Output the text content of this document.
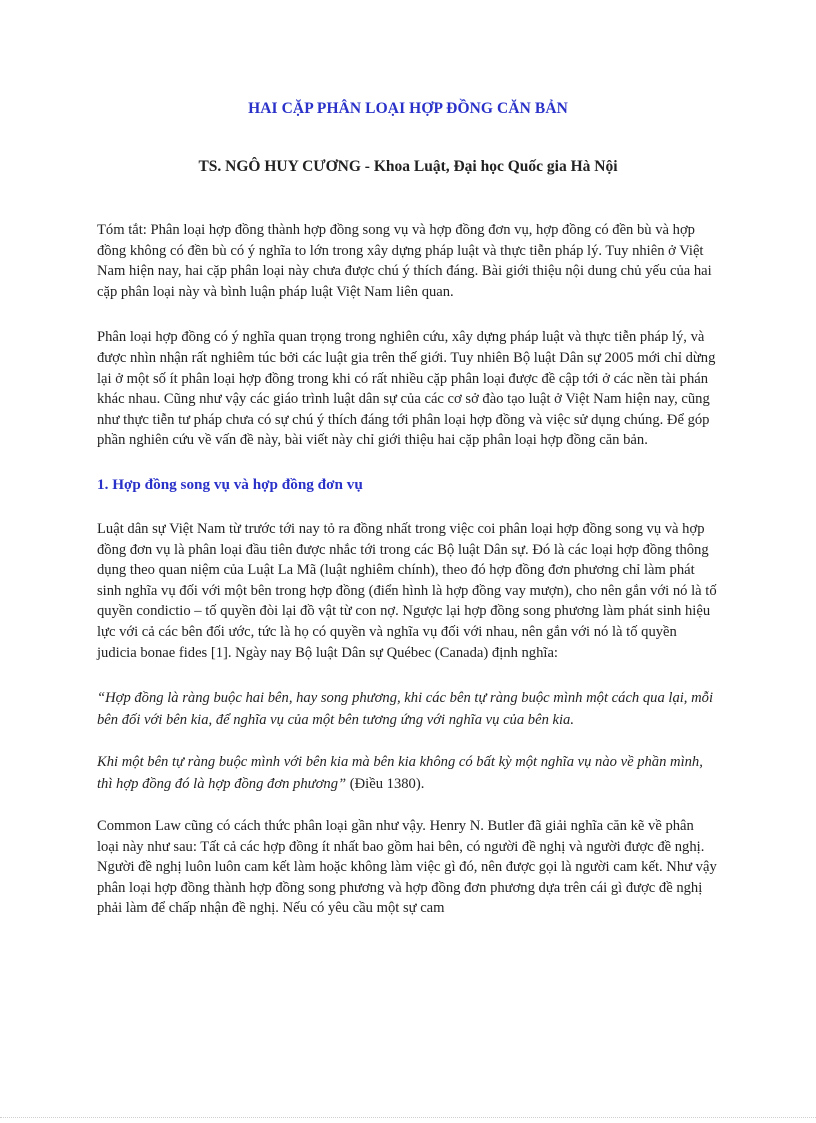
HAI CẶP PHÂN LOẠI HỢP ĐỒNG CĂN BẢN
TS. NGÔ HUY CƯƠNG - Khoa Luật, Đại học Quốc gia Hà Nội

Tóm tắt: Phân loại hợp đồng thành hợp đồng song vụ và hợp đồng đơn vụ, hợp đồng có đền bù và hợp đồng không có đền bù có ý nghĩa to lớn trong xây dựng pháp luật và thực tiễn pháp lý. Tuy nhiên ở Việt Nam hiện nay, hai cặp phân loại này chưa được chú ý thích đáng. Bài giới thiệu nội dung chủ yếu của hai cặp phân loại này và bình luận pháp luật Việt Nam liên quan.

Phân loại hợp đồng có ý nghĩa quan trọng trong nghiên cứu, xây dựng pháp luật và thực tiễn pháp lý, và được nhìn nhận rất nghiêm túc bởi các luật gia trên thế giới. Tuy nhiên Bộ luật Dân sự 2005 mới chỉ dừng lại ở một số ít phân loại hợp đồng trong khi có rất nhiều cặp phân loại được đề cập tới ở các nền tài phán khác nhau. Cũng như vậy các giáo trình luật dân sự của các cơ sở đào tạo luật ở Việt Nam hiện nay, cũng như thực tiễn tư pháp chưa có sự chú ý thích đáng tới phân loại hợp đồng và việc sử dụng chúng. Để góp phần nghiên cứu về vấn đề này, bài viết này chỉ giới thiệu hai cặp phân loại hợp đồng căn bản.

1. Hợp đồng song vụ và hợp đồng đơn vụ

Luật dân sự Việt Nam từ trước tới nay tỏ ra đồng nhất trong việc coi phân loại hợp đồng song vụ và hợp đồng đơn vụ là phân loại đầu tiên được nhắc tới trong các Bộ luật Dân sự. Đó là các loại hợp đồng thông dụng theo quan niệm của Luật La Mã (luật nghiêm chính), theo đó hợp đồng đơn phương chỉ làm phát sinh nghĩa vụ đối với một bên trong hợp đồng (điển hình là hợp đồng vay mượn), cho nên gắn với nó là tố quyền condictio – tố quyền đòi lại đồ vật từ con nợ. Ngược lại hợp đồng song phương làm phát sinh hiệu lực với cả các bên đối ước, tức là họ có quyền và nghĩa vụ đối với nhau, nên gắn với nó là tố quyền judicia bonae fides [1]. Ngày nay Bộ luật Dân sự Québec (Canada) định nghĩa:

“Hợp đồng là ràng buộc hai bên, hay song phương, khi các bên tự ràng buộc mình một cách qua lại, mỗi bên đối với bên kia, để nghĩa vụ của một bên tương ứng với nghĩa vụ của bên kia.

Khi một bên tự ràng buộc mình với bên kia mà bên kia không có bất kỳ một nghĩa vụ nào về phần mình, thì hợp đồng đó là hợp đồng đơn phương” (Điều 1380).

Common Law cũng có cách thức phân loại gần như vậy. Henry N. Butler đã giải nghĩa căn kẽ về phân loại này như sau: Tất cả các hợp đồng ít nhất bao gồm hai bên, có người đề nghị và người được đề nghị. Người đề nghị luôn luôn cam kết làm hoặc không làm việc gì đó, nên được gọi là người cam kết. Như vậy phân loại hợp đồng thành hợp đồng song phương và hợp đồng đơn phương dựa trên cái gì được đề nghị phải làm để chấp nhận đề nghị. Nếu có yêu cầu một sự cam
